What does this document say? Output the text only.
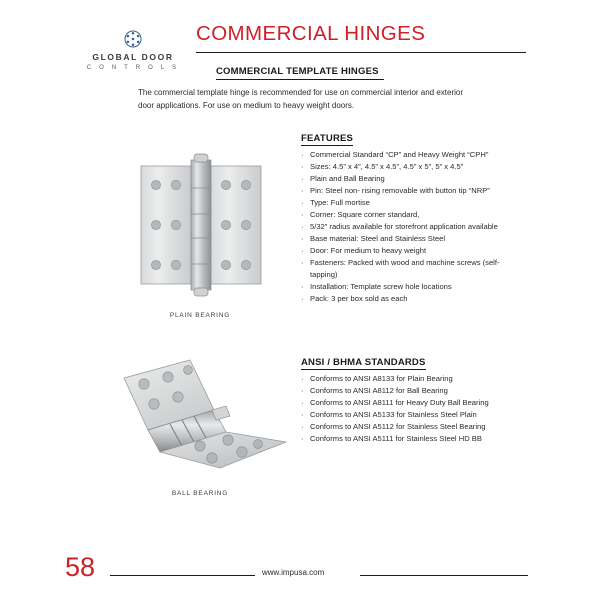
GLOBAL DOOR
C O N T R O L S
COMMERCIAL HINGES
COMMERCIAL TEMPLATE HINGES
The commercial template hinge is recommended for use on commercial interior and exterior door applications. For use on medium to heavy weight doors.
FEATURES
· Commercial Standard “CP” and Heavy Weight “CPH”
· Sizes: 4.5” x 4”, 4.5” x 4.5”, 4.5” x 5”, 5” x 4.5”
· Plain and Ball Bearing
· Pin: Steel non- rising removable with button tip “NRP”
· Type: Full mortise
· Corner: Square corner standard,
· 5/32” radius available for storefront application available
· Base material: Steel and Stainless Steel
· Door: For medium to heavy weight
· Fasteners: Packed with wood and machine screws (self-tapping)
· Installation: Template screw hole locations
· Pack: 3 per box sold as each
ANSI / BHMA STANDARDS
· Conforms to ANSI A8133 for Plain Bearing
· Conforms to ANSI A8112 for Ball Bearing
· Conforms to ANSI A8111 for Heavy Duty Ball Bearing
· Conforms to ANSI A5133 for Stainless Steel Plain
· Conforms to ANSI A5112 for Stainless Steel Bearing
· Conforms to ANSI A5111 for Stainless Steel HD BB
PLAIN BEARING
BALL BEARING
58	www.impusa.com
